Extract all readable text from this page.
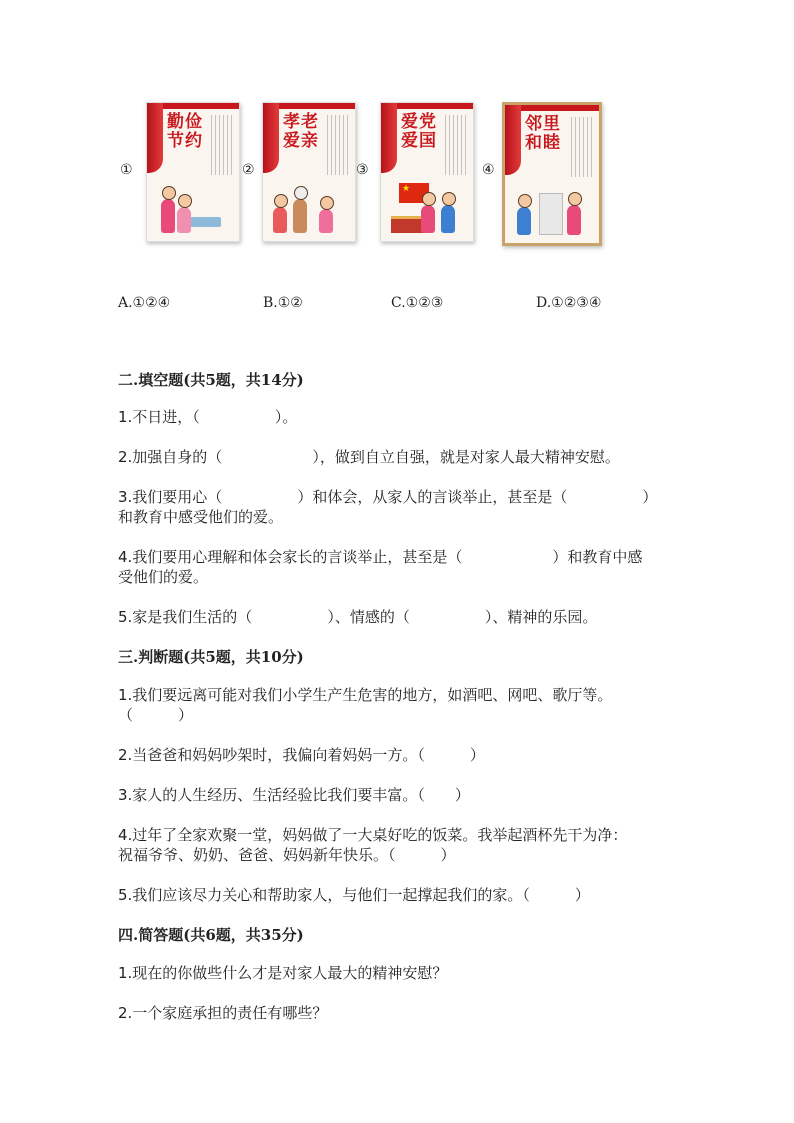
①
勤俭节约
②
孝老爱亲
③
爱党爱国
★
④
邻里和睦
A.①②④	B.①②	C.①②③	D.①②③④
二.填空题(共5题，共14分)
1.不日进，（　　　　　）。
2.加强自身的（　　　　　　），做到自立自强，就是对家人最大精神安慰。
3.我们要用心（　　　　　）和体会，从家人的言谈举止，甚至是（　　　　　）
和教育中感受他们的爱。
4.我们要用心理解和体会家长的言谈举止，甚至是（　　　　　　）和教育中感
受他们的爱。
5.家是我们生活的（　　　　　）、情感的（　　　　　）、精神的乐园。
三.判断题(共5题，共10分)
1.我们要远离可能对我们小学生产生危害的地方，如酒吧、网吧、歌厅等。
（　　　）
2.当爸爸和妈妈吵架时，我偏向着妈妈一方。（　　　）
3.家人的人生经历、生活经验比我们要丰富。（　　）
4.过年了全家欢聚一堂，妈妈做了一大桌好吃的饭菜。我举起酒杯先干为净：
祝福爷爷、奶奶、爸爸、妈妈新年快乐。（　　　）
5.我们应该尽力关心和帮助家人，与他们一起撑起我们的家。（　　　）
四.简答题(共6题，共35分)
1.现在的你做些什么才是对家人最大的精神安慰？
2.一个家庭承担的责任有哪些？
